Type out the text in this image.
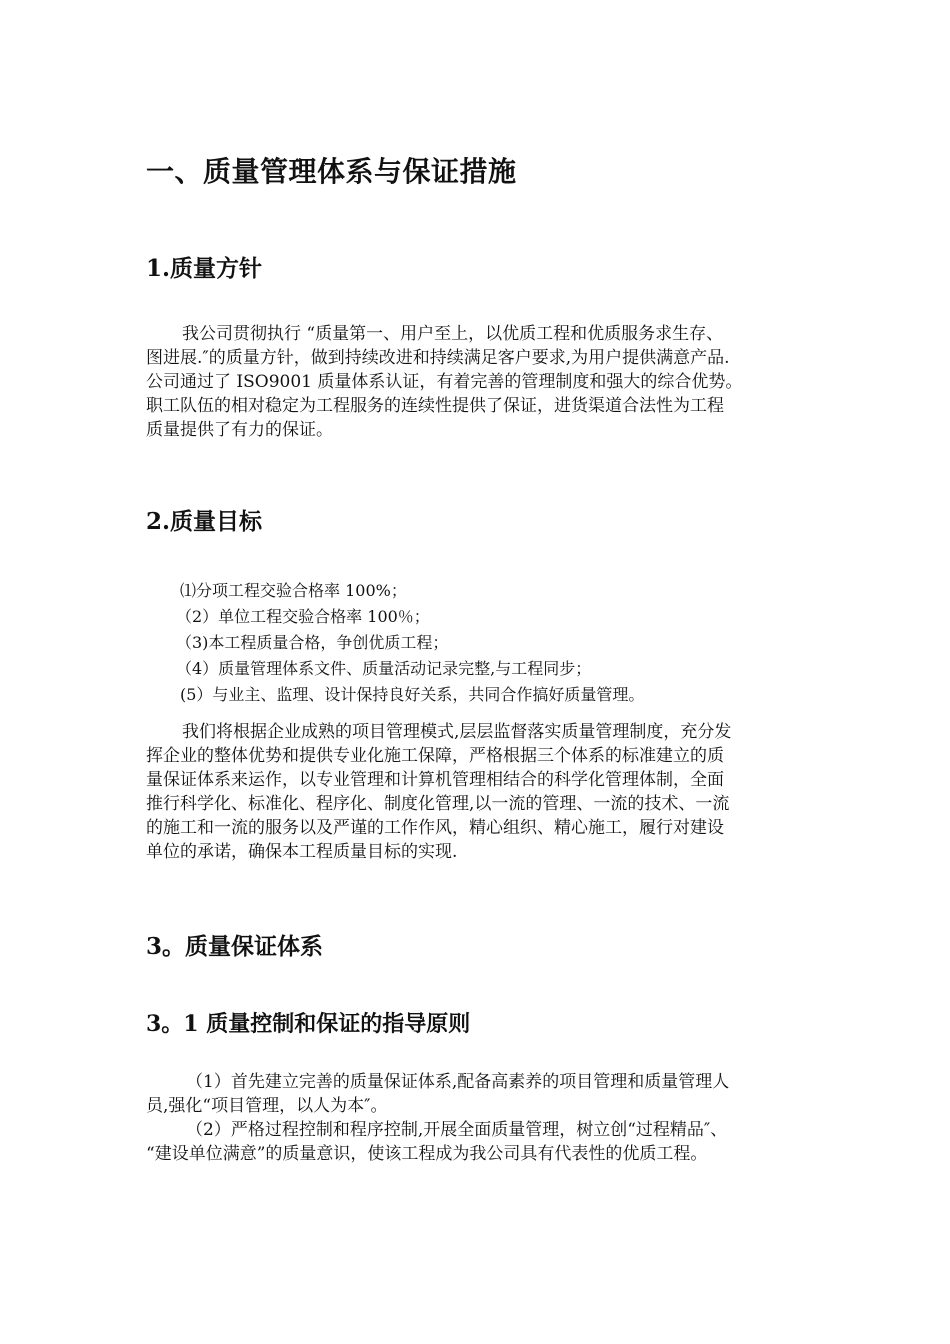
一、质量管理体系与保证措施
1.质量方针

我公司贯彻执行 “质量第一、用户至上，以优质工程和优质服务求生存、

图进展.″的质量方针，做到持续改进和持续满足客户要求,为用户提供满意产品.

公司通过了 ISO9001 质量体系认证，有着完善的管理制度和强大的综合优势。

职工队伍的相对稳定为工程服务的连续性提供了保证，进货渠道合法性为工程

质量提供了有力的保证。

2.质量目标

⑴分项工程交验合格率 100%；

（2）单位工程交验合格率 100％；

（3)本工程质量合格，争创优质工程；

（4）质量管理体系文件、质量活动记录完整,与工程同步；

(5）与业主、监理、设计保持良好关系，共同合作搞好质量管理。

我们将根据企业成熟的项目管理模式,层层监督落实质量管理制度，充分发

挥企业的整体优势和提供专业化施工保障，严格根据三个体系的标准建立的质

量保证体系来运作，以专业管理和计算机管理相结合的科学化管理体制，全面

推行科学化、标准化、程序化、制度化管理,以一流的管理、一流的技术、一流

的施工和一流的服务以及严谨的工作作风，精心组织、精心施工，履行对建设

单位的承诺，确保本工程质量目标的实现.

3。质量保证体系
3。1 质量控制和保证的指导原则

（1）首先建立完善的质量保证体系,配备高素养的项目管理和质量管理人

员,强化“项目管理，以人为本″。

（2）严格过程控制和程序控制,开展全面质量管理，树立创“过程精品″、

“建设单位满意”的质量意识，使该工程成为我公司具有代表性的优质工程。
